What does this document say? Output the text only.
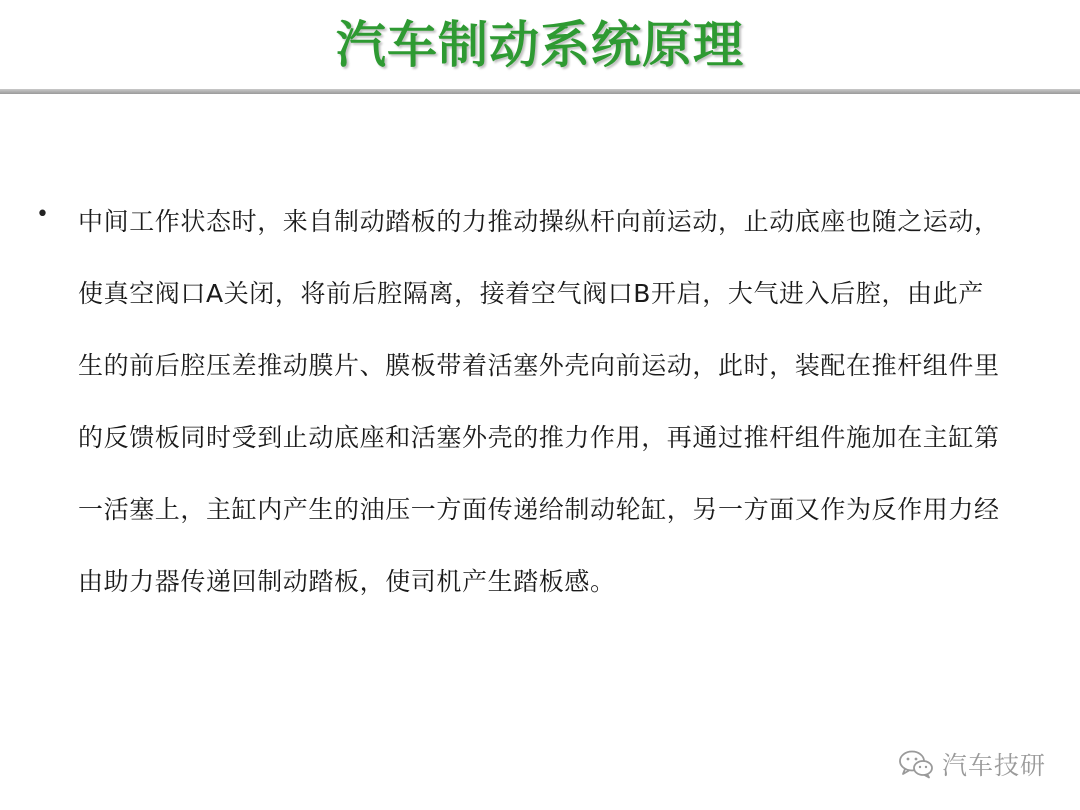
汽车制动系统原理
• 中间工作状态时，来自制动踏板的力推动操纵杆向前运动，止动底座也随之运动，使真空阀口A关闭，将前后腔隔离，接着空气阀口B开启，大气进入后腔，由此产生的前后腔压差推动膜片、膜板带着活塞外壳向前运动，此时，装配在推杆组件里的反馈板同时受到止动底座和活塞外壳的推力作用，再通过推杆组件施加在主缸第一活塞上，主缸内产生的油压一方面传递给制动轮缸，另一方面又作为反作用力经由助力器传递回制动踏板，使司机产生踏板感。
汽车技研
